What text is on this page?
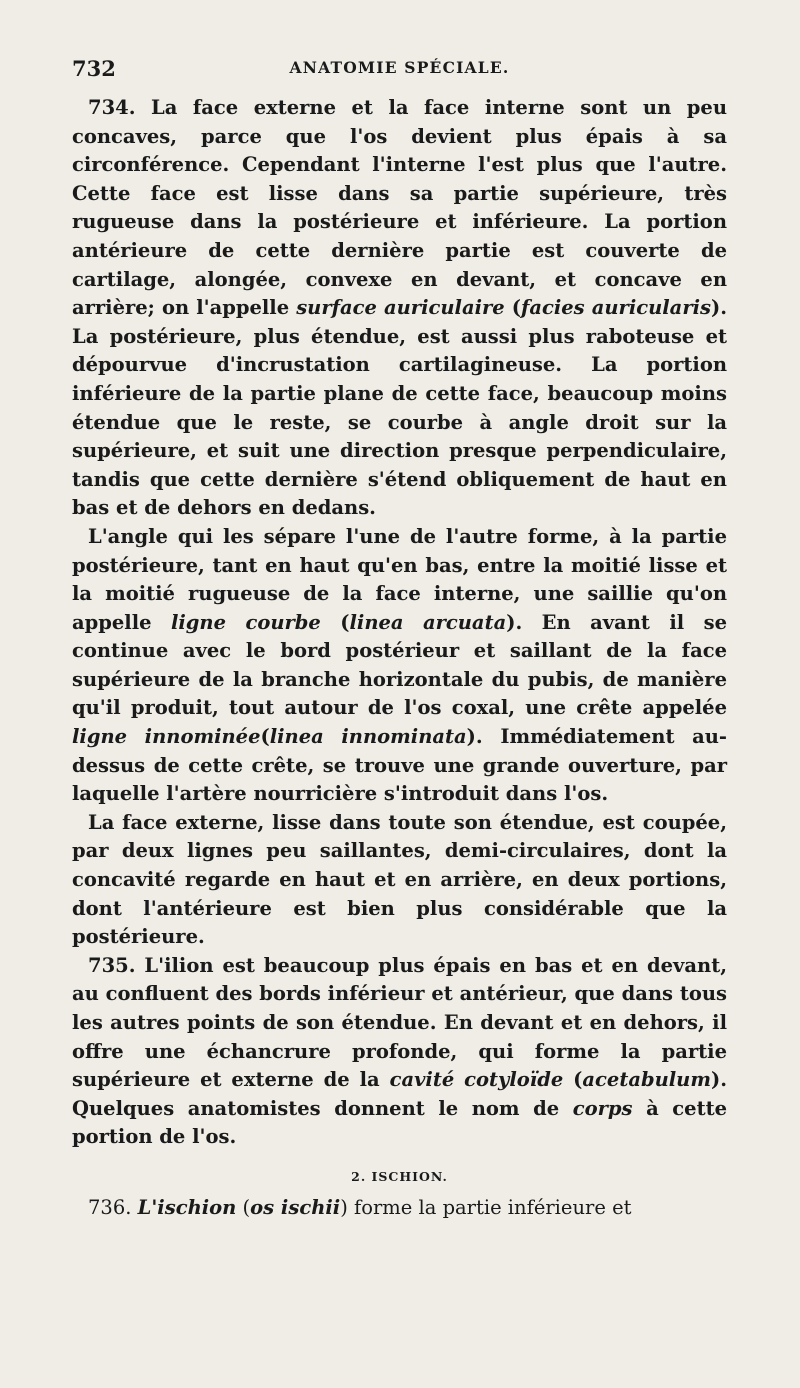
732	ANATOMIE SPÉCIALE.

734. La face externe et la face interne sont un peu concaves, parce que l'os devient plus épais à sa circonférence. Cependant l'interne l'est plus que l'autre. Cette face est lisse dans sa partie supérieure, très rugueuse dans la postérieure et inférieure. La portion antérieure de cette dernière partie est couverte de cartilage, alongée, convexe en devant, et concave en arrière; on l'appelle surface auriculaire (facies auricularis). La postérieure, plus étendue, est aussi plus raboteuse et dépourvue d'incrustation cartilagineuse. La portion inférieure de la partie plane de cette face, beaucoup moins étendue que le reste, se courbe à angle droit sur la supérieure, et suit une direction presque perpendiculaire, tandis que cette dernière s'étend obliquement de haut en bas et de dehors en dedans.

L'angle qui les sépare l'une de l'autre forme, à la partie postérieure, tant en haut qu'en bas, entre la moitié lisse et la moitié rugueuse de la face interne, une saillie qu'on appelle ligne courbe (linea arcuata). En avant il se continue avec le bord postérieur et saillant de la face supérieure de la branche horizontale du pubis, de manière qu'il produit, tout autour de l'os coxal, une crête appelée ligne innominée(linea innominata). Immédiatement au-dessus de cette crête, se trouve une grande ouverture, par laquelle l'artère nourricière s'introduit dans l'os.

La face externe, lisse dans toute son étendue, est coupée, par deux lignes peu saillantes, demi-circulaires, dont la concavité regarde en haut et en arrière, en deux portions, dont l'antérieure est bien plus considérable que la postérieure.

735. L'ilion est beaucoup plus épais en bas et en devant, au confluent des bords inférieur et antérieur, que dans tous les autres points de son étendue. En devant et en dehors, il offre une échancrure profonde, qui forme la partie supérieure et externe de la cavité cotyloïde (acetabulum). Quelques anatomistes donnent le nom de corps à cette portion de l'os.

2. ISCHION.

736. L'ischion (os ischii) forme la partie inférieure et
